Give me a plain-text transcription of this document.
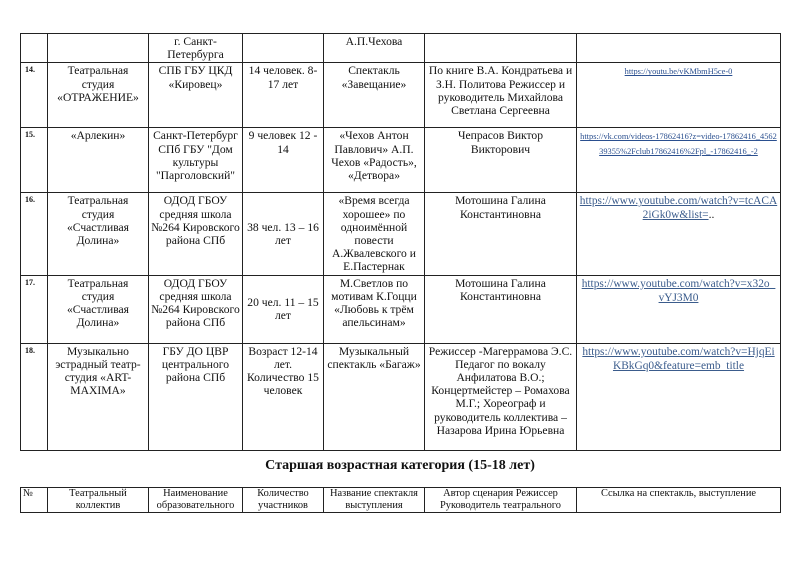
		г. Санкт-Петербурга		А.П.Чехова		
14.	Театральная студия «ОТРАЖЕНИЕ»	СПБ ГБУ ЦКД «Кировец»	14 человек. 8-17 лет	Спектакль «Завещание»	По книге В.А. Кондратьева и З.Н. Политова Режиссер и руководитель Михайлова Светлана Сергеевна	https://youtu.be/vKMbmH5ce-0
15.	«Арлекин»	Санкт-Петербург СПб ГБУ "Дом культуры "Парголовский"	9 человек 12 - 14	«Чехов Антон Павлович» А.П. Чехов «Радость», «Детвора»	Чепрасов Виктор Викторович	https://vk.com/videos-17862416?z=video-17862416_456239355%2Fclub17862416%2Fpl_-17862416_-2
16.	Театральная студия «Счастливая Долина»	ОДОД ГБОУ средняя школа №264 Кировского района СПб	38 чел. 13 – 16 лет	«Время всегда хорошее» по одноимённой повести А.Жвалевского и Е.Пастернак	Мотошина Галина Константиновна	https://www.youtube.com/watch?v=tcACA2iGk0w&list=..
17.	Театральная студия «Счастливая Долина»	ОДОД ГБОУ средняя школа №264 Кировского района СПб	20 чел. 11 – 15 лет	М.Светлов по мотивам К.Гоцци «Любовь к трём апельсинам»	Мотошина Галина Константиновна	https://www.youtube.com/watch?v=x32o_vYJ3M0
18.	Музыкально эстрадный театр-студия «ART-MAXIMA»	ГБУ ДО ЦВР центрального района СПб	Возраст 12-14 лет. Количество 15 человек	Музыкальный спектакль «Багаж»	Режиссер -Магеррамова Э.С. Педагог по вокалу Анфилатова В.О.; Концертмейстер – Ромахова М.Г.; Хореограф и руководитель коллектива – Назарова Ирина Юрьевна	https://www.youtube.com/watch?v=HjqEiKBkGq0&feature=emb_title
Старшая возрастная категория (15-18 лет)
№	Театральный коллектив	Наименование образовательного	Количество участников	Название спектакля выступления	Автор сценария Режиссер Руководитель театрального	Ссылка на спектакль, выступление
